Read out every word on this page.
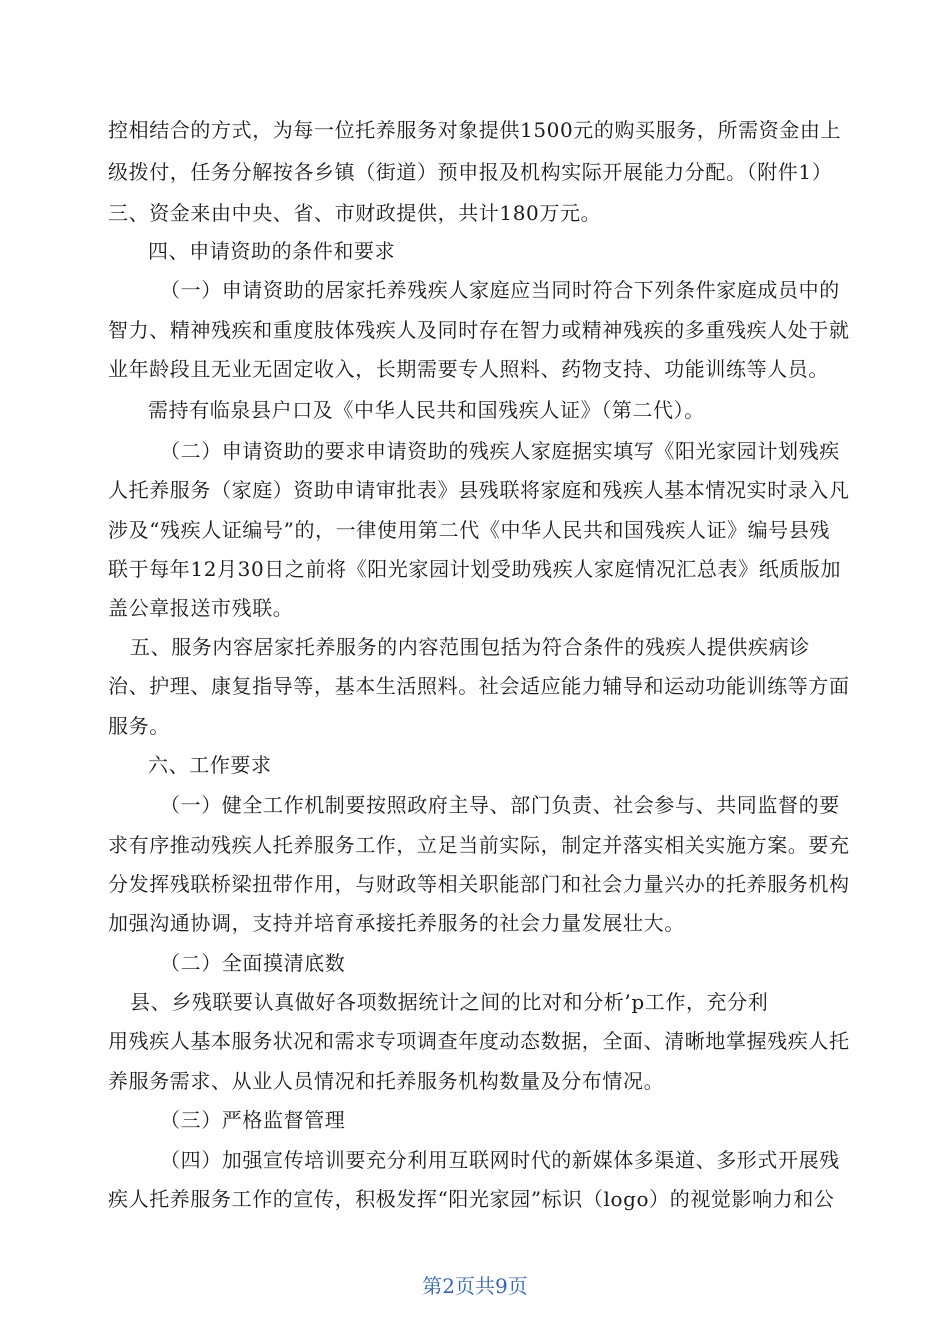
控相结合的方式，为每一位托养服务对象提供1500元的购买服务，所需资金由上
级拨付，任务分解按各乡镇（街道）预申报及机构实际开展能力分配。（附件1）
三、资金来由中央、省、市财政提供，共计180万元。
四、申请资助的条件和要求
（一）申请资助的居家托养残疾人家庭应当同时符合下列条件家庭成员中的
智力、精神残疾和重度肢体残疾人及同时存在智力或精神残疾的多重残疾人处于就
业年龄段且无业无固定收入，长期需要专人照料、药物支持、功能训练等人员。
需持有临泉县户口及《中华人民共和国残疾人证》（第二代）。
（二）申请资助的要求申请资助的残疾人家庭据实填写《阳光家园计划残疾
人托养服务（家庭）资助申请审批表》县残联将家庭和残疾人基本情况实时录入凡
涉及“残疾人证编号”的，一律使用第二代《中华人民共和国残疾人证》编号县残
联于每年12月30日之前将《阳光家园计划受助残疾人家庭情况汇总表》纸质版加
盖公章报送市残联。
五、服务内容居家托养服务的内容范围包括为符合条件的残疾人提供疾病诊
治、护理、康复指导等，基本生活照料。社会适应能力辅导和运动功能训练等方面
服务。
六、工作要求
（一）健全工作机制要按照政府主导、部门负责、社会参与、共同监督的要
求有序推动残疾人托养服务工作，立足当前实际，制定并落实相关实施方案。要充
分发挥残联桥梁扭带作用，与财政等相关职能部门和社会力量兴办的托养服务机构
加强沟通协调，支持并培育承接托养服务的社会力量发展壮大。
（二）全面摸清底数
县、乡残联要认真做好各项数据统计之间的比对和分析’p工作，充分利
用残疾人基本服务状况和需求专项调查年度动态数据，全面、清晰地掌握残疾人托
养服务需求、从业人员情况和托养服务机构数量及分布情况。
（三）严格监督管理
（四）加强宣传培训要充分利用互联网时代的新媒体多渠道、多形式开展残
疾人托养服务工作的宣传，积极发挥“阳光家园”标识（logo）的视觉影响力和公
第2页共9页
